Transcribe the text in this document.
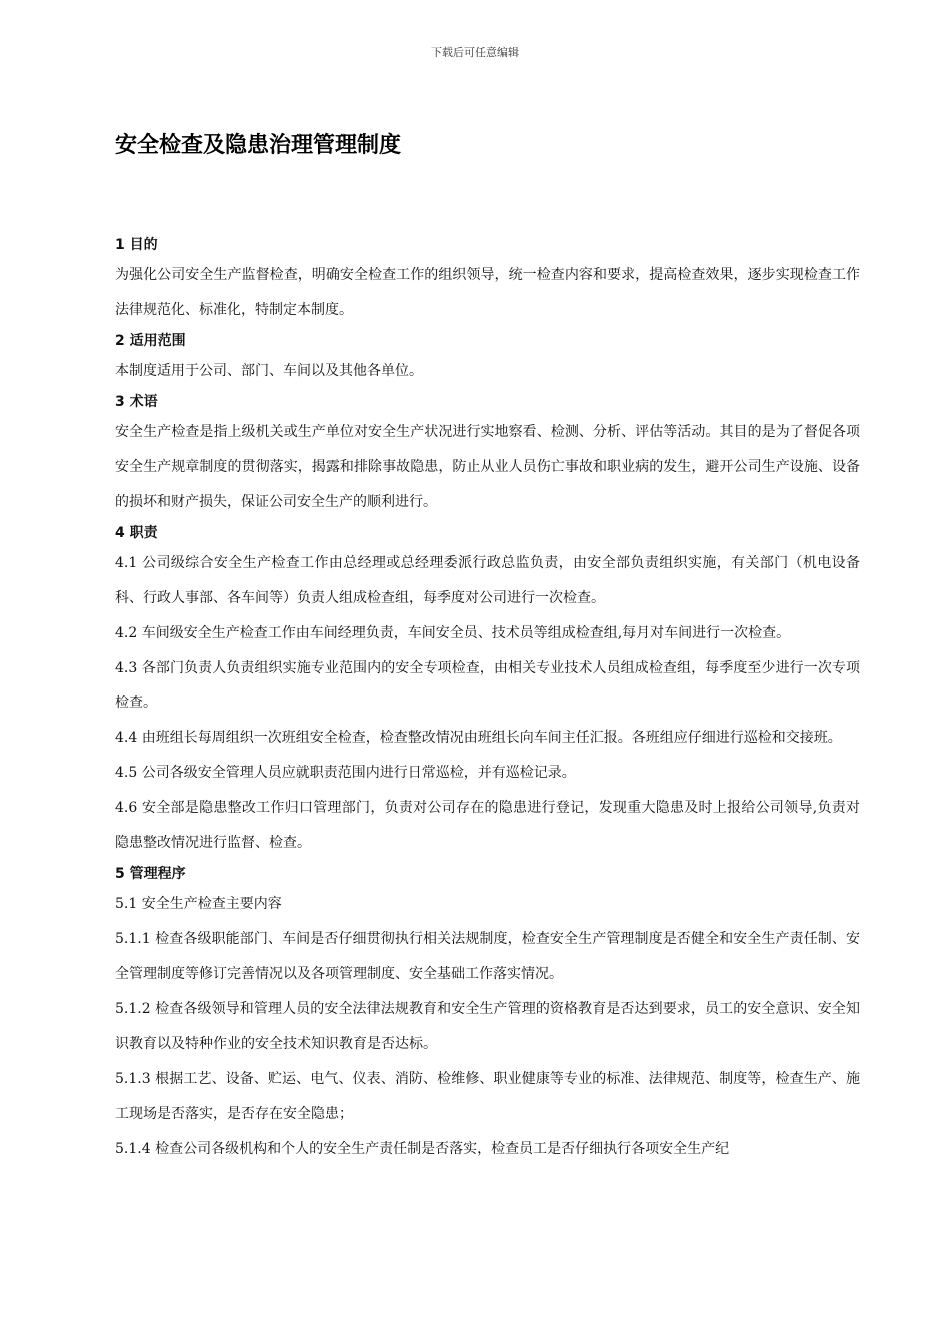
下载后可任意编辑
安全检查及隐患治理管理制度
1 目的

为强化公司安全生产监督检查，明确安全检查工作的组织领导，统一检查内容和要求，提高检查效果，逐步实现检查工作法律规范化、标准化，特制定本制度。

2 适用范围

本制度适用于公司、部门、车间以及其他各单位。

3 术语

安全生产检查是指上级机关或生产单位对安全生产状况进行实地察看、检测、分析、评估等活动。其目的是为了督促各项安全生产规章制度的贯彻落实，揭露和排除事故隐患，防止从业人员伤亡事故和职业病的发生，避开公司生产设施、设备的损坏和财产损失，保证公司安全生产的顺利进行。

4 职责

4.1 公司级综合安全生产检查工作由总经理或总经理委派行政总监负责，由安全部负责组织实施，有关部门（机电设备科、行政人事部、各车间等）负责人组成检查组，每季度对公司进行一次检查。

4.2 车间级安全生产检查工作由车间经理负责，车间安全员、技术员等组成检查组,每月对车间进行一次检查。

4.3 各部门负责人负责组织实施专业范围内的安全专项检查，由相关专业技术人员组成检查组，每季度至少进行一次专项检查。

4.4 由班组长每周组织一次班组安全检查，检查整改情况由班组长向车间主任汇报。各班组应仔细进行巡检和交接班。

4.5 公司各级安全管理人员应就职责范围内进行日常巡检，并有巡检记录。

4.6 安全部是隐患整改工作归口管理部门，负责对公司存在的隐患进行登记，发现重大隐患及时上报给公司领导,负责对隐患整改情况进行监督、检查。

5 管理程序

5.1 安全生产检查主要内容

5.1.1 检查各级职能部门、车间是否仔细贯彻执行相关法规制度，检查安全生产管理制度是否健全和安全生产责任制、安全管理制度等修订完善情况以及各项管理制度、安全基础工作落实情况。

5.1.2 检查各级领导和管理人员的安全法律法规教育和安全生产管理的资格教育是否达到要求，员工的安全意识、安全知识教育以及特种作业的安全技术知识教育是否达标。

5.1.3 根据工艺、设备、贮运、电气、仪表、消防、检维修、职业健康等专业的标准、法律规范、制度等，检查生产、施工现场是否落实，是否存在安全隐患；

5.1.4 检查公司各级机构和个人的安全生产责任制是否落实，检查员工是否仔细执行各项安全生产纪
